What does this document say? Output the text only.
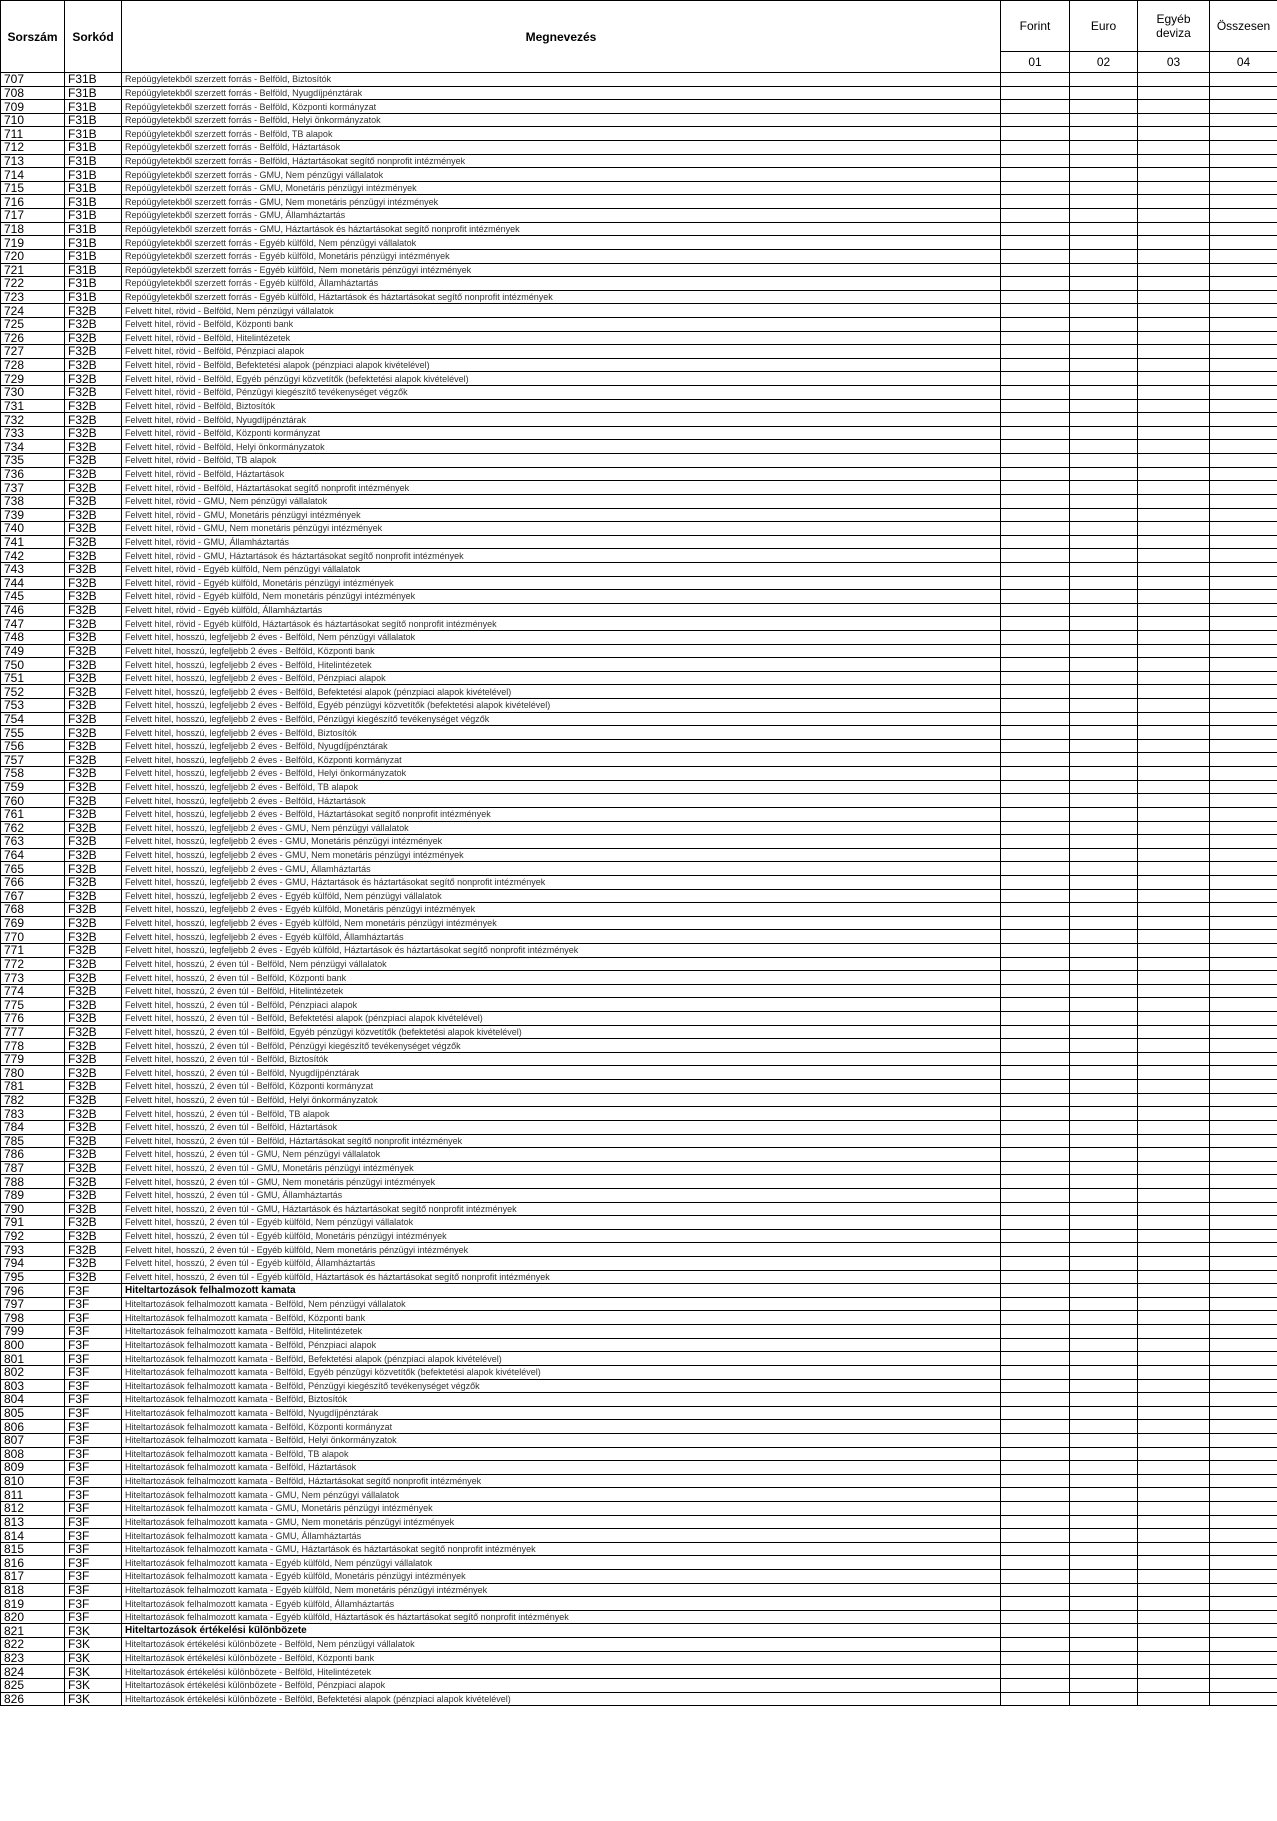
Sorszám	Sorkód	Megnevezés	Forint	Euro	Egyéb deviza	Összesen
			01	02	03	04
707	F31B	Repóügyletekből szerzett forrás - Belföld, Biztosítók				
708	F31B	Repóügyletekből szerzett forrás - Belföld, Nyugdíjpénztárak				
709	F31B	Repóügyletekből szerzett forrás - Belföld, Központi kormányzat				
710	F31B	Repóügyletekből szerzett forrás - Belföld, Helyi önkormányzatok				
711	F31B	Repóügyletekből szerzett forrás - Belföld, TB alapok				
712	F31B	Repóügyletekből szerzett forrás - Belföld, Háztartások				
713	F31B	Repóügyletekből szerzett forrás - Belföld, Háztartásokat segítő nonprofit intézmények				
714	F31B	Repóügyletekből szerzett forrás - GMU, Nem pénzügyi vállalatok				
715	F31B	Repóügyletekből szerzett forrás - GMU, Monetáris pénzügyi intézmények				
716	F31B	Repóügyletekből szerzett forrás - GMU, Nem monetáris pénzügyi intézmények				
717	F31B	Repóügyletekből szerzett forrás - GMU, Államháztartás				
718	F31B	Repóügyletekből szerzett forrás - GMU, Háztartások és háztartásokat segítő nonprofit intézmények				
719	F31B	Repóügyletekből szerzett forrás - Egyéb külföld, Nem pénzügyi vállalatok				
720	F31B	Repóügyletekből szerzett forrás - Egyéb külföld, Monetáris pénzügyi intézmények				
721	F31B	Repóügyletekből szerzett forrás - Egyéb külföld, Nem monetáris pénzügyi intézmények				
722	F31B	Repóügyletekből szerzett forrás - Egyéb külföld, Államháztartás				
723	F31B	Repóügyletekből szerzett forrás - Egyéb külföld, Háztartások és háztartásokat segítő nonprofit intézmények				
724	F32B	Felvett hitel, rövid - Belföld, Nem pénzügyi vállalatok				
725	F32B	Felvett hitel, rövid - Belföld, Központi bank				
726	F32B	Felvett hitel, rövid - Belföld, Hitelintézetek				
727	F32B	Felvett hitel, rövid - Belföld, Pénzpiaci alapok				
728	F32B	Felvett hitel, rövid - Belföld, Befektetési alapok (pénzpiaci alapok kivételével)				
729	F32B	Felvett hitel, rövid - Belföld, Egyéb pénzügyi közvetítők (befektetési alapok kivételével)				
730	F32B	Felvett hitel, rövid - Belföld, Pénzügyi kiegészítő tevékenységet végzők				
731	F32B	Felvett hitel, rövid - Belföld, Biztosítók				
732	F32B	Felvett hitel, rövid - Belföld, Nyugdíjpénztárak				
733	F32B	Felvett hitel, rövid - Belföld, Központi kormányzat				
734	F32B	Felvett hitel, rövid - Belföld, Helyi önkormányzatok				
735	F32B	Felvett hitel, rövid - Belföld, TB alapok				
736	F32B	Felvett hitel, rövid - Belföld, Háztartások				
737	F32B	Felvett hitel, rövid - Belföld, Háztartásokat segítő nonprofit intézmények				
738	F32B	Felvett hitel, rövid - GMU, Nem pénzügyi vállalatok				
739	F32B	Felvett hitel, rövid - GMU, Monetáris pénzügyi intézmények				
740	F32B	Felvett hitel, rövid - GMU, Nem monetáris pénzügyi intézmények				
741	F32B	Felvett hitel, rövid - GMU, Államháztartás				
742	F32B	Felvett hitel, rövid - GMU, Háztartások és háztartásokat segítő nonprofit intézmények				
743	F32B	Felvett hitel, rövid - Egyéb külföld, Nem pénzügyi vállalatok				
744	F32B	Felvett hitel, rövid - Egyéb külföld, Monetáris pénzügyi intézmények				
745	F32B	Felvett hitel, rövid - Egyéb külföld, Nem monetáris pénzügyi intézmények				
746	F32B	Felvett hitel, rövid - Egyéb külföld, Államháztartás				
747	F32B	Felvett hitel, rövid - Egyéb külföld, Háztartások és háztartásokat segítő nonprofit intézmények				
748	F32B	Felvett hitel, hosszú, legfeljebb 2 éves - Belföld, Nem pénzügyi vállalatok				
749	F32B	Felvett hitel, hosszú, legfeljebb 2 éves - Belföld, Központi bank				
750	F32B	Felvett hitel, hosszú, legfeljebb 2 éves - Belföld, Hitelintézetek				
751	F32B	Felvett hitel, hosszú, legfeljebb 2 éves - Belföld, Pénzpiaci alapok				
752	F32B	Felvett hitel, hosszú, legfeljebb 2 éves - Belföld, Befektetési alapok (pénzpiaci alapok kivételével)				
753	F32B	Felvett hitel, hosszú, legfeljebb 2 éves - Belföld, Egyéb pénzügyi közvetítők (befektetési alapok kivételével)				
754	F32B	Felvett hitel, hosszú, legfeljebb 2 éves - Belföld, Pénzügyi kiegészítő tevékenységet végzők				
755	F32B	Felvett hitel, hosszú, legfeljebb 2 éves - Belföld, Biztosítók				
756	F32B	Felvett hitel, hosszú, legfeljebb 2 éves - Belföld, Nyugdíjpénztárak				
757	F32B	Felvett hitel, hosszú, legfeljebb 2 éves - Belföld, Központi kormányzat				
758	F32B	Felvett hitel, hosszú, legfeljebb 2 éves - Belföld, Helyi önkormányzatok				
759	F32B	Felvett hitel, hosszú, legfeljebb 2 éves - Belföld, TB alapok				
760	F32B	Felvett hitel, hosszú, legfeljebb 2 éves - Belföld, Háztartások				
761	F32B	Felvett hitel, hosszú, legfeljebb 2 éves - Belföld, Háztartásokat segítő nonprofit intézmények				
762	F32B	Felvett hitel, hosszú, legfeljebb 2 éves - GMU, Nem pénzügyi vállalatok				
763	F32B	Felvett hitel, hosszú, legfeljebb 2 éves - GMU, Monetáris pénzügyi intézmények				
764	F32B	Felvett hitel, hosszú, legfeljebb 2 éves - GMU, Nem monetáris pénzügyi intézmények				
765	F32B	Felvett hitel, hosszú, legfeljebb 2 éves - GMU, Államháztartás				
766	F32B	Felvett hitel, hosszú, legfeljebb 2 éves - GMU, Háztartások és háztartásokat segítő nonprofit intézmények				
767	F32B	Felvett hitel, hosszú, legfeljebb 2 éves - Egyéb külföld, Nem pénzügyi vállalatok				
768	F32B	Felvett hitel, hosszú, legfeljebb 2 éves - Egyéb külföld, Monetáris pénzügyi intézmények				
769	F32B	Felvett hitel, hosszú, legfeljebb 2 éves - Egyéb külföld, Nem monetáris pénzügyi intézmények				
770	F32B	Felvett hitel, hosszú, legfeljebb 2 éves - Egyéb külföld, Államháztartás				
771	F32B	Felvett hitel, hosszú, legfeljebb 2 éves - Egyéb külföld, Háztartások és háztartásokat segítő nonprofit intézmények				
772	F32B	Felvett hitel, hosszú, 2 éven túl - Belföld, Nem pénzügyi vállalatok				
773	F32B	Felvett hitel, hosszú, 2 éven túl - Belföld, Központi bank				
774	F32B	Felvett hitel, hosszú, 2 éven túl - Belföld, Hitelintézetek				
775	F32B	Felvett hitel, hosszú, 2 éven túl - Belföld, Pénzpiaci alapok				
776	F32B	Felvett hitel, hosszú, 2 éven túl - Belföld, Befektetési alapok (pénzpiaci alapok kivételével)				
777	F32B	Felvett hitel, hosszú, 2 éven túl - Belföld, Egyéb pénzügyi közvetítők (befektetési alapok kivételével)				
778	F32B	Felvett hitel, hosszú, 2 éven túl - Belföld, Pénzügyi kiegészítő tevékenységet végzők				
779	F32B	Felvett hitel, hosszú, 2 éven túl - Belföld, Biztosítók				
780	F32B	Felvett hitel, hosszú, 2 éven túl - Belföld, Nyugdíjpénztárak				
781	F32B	Felvett hitel, hosszú, 2 éven túl - Belföld, Központi kormányzat				
782	F32B	Felvett hitel, hosszú, 2 éven túl - Belföld, Helyi önkormányzatok				
783	F32B	Felvett hitel, hosszú, 2 éven túl - Belföld, TB alapok				
784	F32B	Felvett hitel, hosszú, 2 éven túl - Belföld, Háztartások				
785	F32B	Felvett hitel, hosszú, 2 éven túl - Belföld, Háztartásokat segítő nonprofit intézmények				
786	F32B	Felvett hitel, hosszú, 2 éven túl - GMU, Nem pénzügyi vállalatok				
787	F32B	Felvett hitel, hosszú, 2 éven túl - GMU, Monetáris pénzügyi intézmények				
788	F32B	Felvett hitel, hosszú, 2 éven túl - GMU, Nem monetáris pénzügyi intézmények				
789	F32B	Felvett hitel, hosszú, 2 éven túl - GMU, Államháztartás				
790	F32B	Felvett hitel, hosszú, 2 éven túl - GMU, Háztartások és háztartásokat segítő nonprofit intézmények				
791	F32B	Felvett hitel, hosszú, 2 éven túl - Egyéb külföld, Nem pénzügyi vállalatok				
792	F32B	Felvett hitel, hosszú, 2 éven túl - Egyéb külföld, Monetáris pénzügyi intézmények				
793	F32B	Felvett hitel, hosszú, 2 éven túl - Egyéb külföld, Nem monetáris pénzügyi intézmények				
794	F32B	Felvett hitel, hosszú, 2 éven túl - Egyéb külföld, Államháztartás				
795	F32B	Felvett hitel, hosszú, 2 éven túl - Egyéb külföld, Háztartások és háztartásokat segítő nonprofit intézmények				
796	F3F	Hiteltartozások felhalmozott kamata				
797	F3F	Hiteltartozások felhalmozott kamata - Belföld, Nem pénzügyi vállalatok				
798	F3F	Hiteltartozások felhalmozott kamata - Belföld, Központi bank				
799	F3F	Hiteltartozások felhalmozott kamata - Belföld, Hitelintézetek				
800	F3F	Hiteltartozások felhalmozott kamata - Belföld, Pénzpiaci alapok				
801	F3F	Hiteltartozások felhalmozott kamata - Belföld, Befektetési alapok (pénzpiaci alapok kivételével)				
802	F3F	Hiteltartozások felhalmozott kamata - Belföld, Egyéb pénzügyi közvetítők (befektetési alapok kivételével)				
803	F3F	Hiteltartozások felhalmozott kamata - Belföld, Pénzügyi kiegészítő tevékenységet végzők				
804	F3F	Hiteltartozások felhalmozott kamata - Belföld, Biztosítók				
805	F3F	Hiteltartozások felhalmozott kamata - Belföld, Nyugdíjpénztárak				
806	F3F	Hiteltartozások felhalmozott kamata - Belföld, Központi kormányzat				
807	F3F	Hiteltartozások felhalmozott kamata - Belföld, Helyi önkormányzatok				
808	F3F	Hiteltartozások felhalmozott kamata - Belföld, TB alapok				
809	F3F	Hiteltartozások felhalmozott kamata - Belföld, Háztartások				
810	F3F	Hiteltartozások felhalmozott kamata - Belföld, Háztartásokat segítő nonprofit intézmények				
811	F3F	Hiteltartozások felhalmozott kamata - GMU, Nem pénzügyi vállalatok				
812	F3F	Hiteltartozások felhalmozott kamata - GMU, Monetáris pénzügyi intézmények				
813	F3F	Hiteltartozások felhalmozott kamata - GMU, Nem monetáris pénzügyi intézmények				
814	F3F	Hiteltartozások felhalmozott kamata - GMU, Államháztartás				
815	F3F	Hiteltartozások felhalmozott kamata - GMU, Háztartások és háztartásokat segítő nonprofit intézmények				
816	F3F	Hiteltartozások felhalmozott kamata - Egyéb külföld, Nem pénzügyi vállalatok				
817	F3F	Hiteltartozások felhalmozott kamata - Egyéb külföld, Monetáris pénzügyi intézmények				
818	F3F	Hiteltartozások felhalmozott kamata - Egyéb külföld, Nem monetáris pénzügyi intézmények				
819	F3F	Hiteltartozások felhalmozott kamata - Egyéb külföld, Államháztartás				
820	F3F	Hiteltartozások felhalmozott kamata - Egyéb külföld, Háztartások és háztartásokat segítő nonprofit intézmények				
821	F3K	Hiteltartozások értékelési különbözete				
822	F3K	Hiteltartozások értékelési különbözete - Belföld, Nem pénzügyi vállalatok				
823	F3K	Hiteltartozások értékelési különbözete - Belföld, Központi bank				
824	F3K	Hiteltartozások értékelési különbözete - Belföld, Hitelintézetek				
825	F3K	Hiteltartozások értékelési különbözete - Belföld, Pénzpiaci alapok				
826	F3K	Hiteltartozások értékelési különbözete - Belföld, Befektetési alapok (pénzpiaci alapok kivételével)				
